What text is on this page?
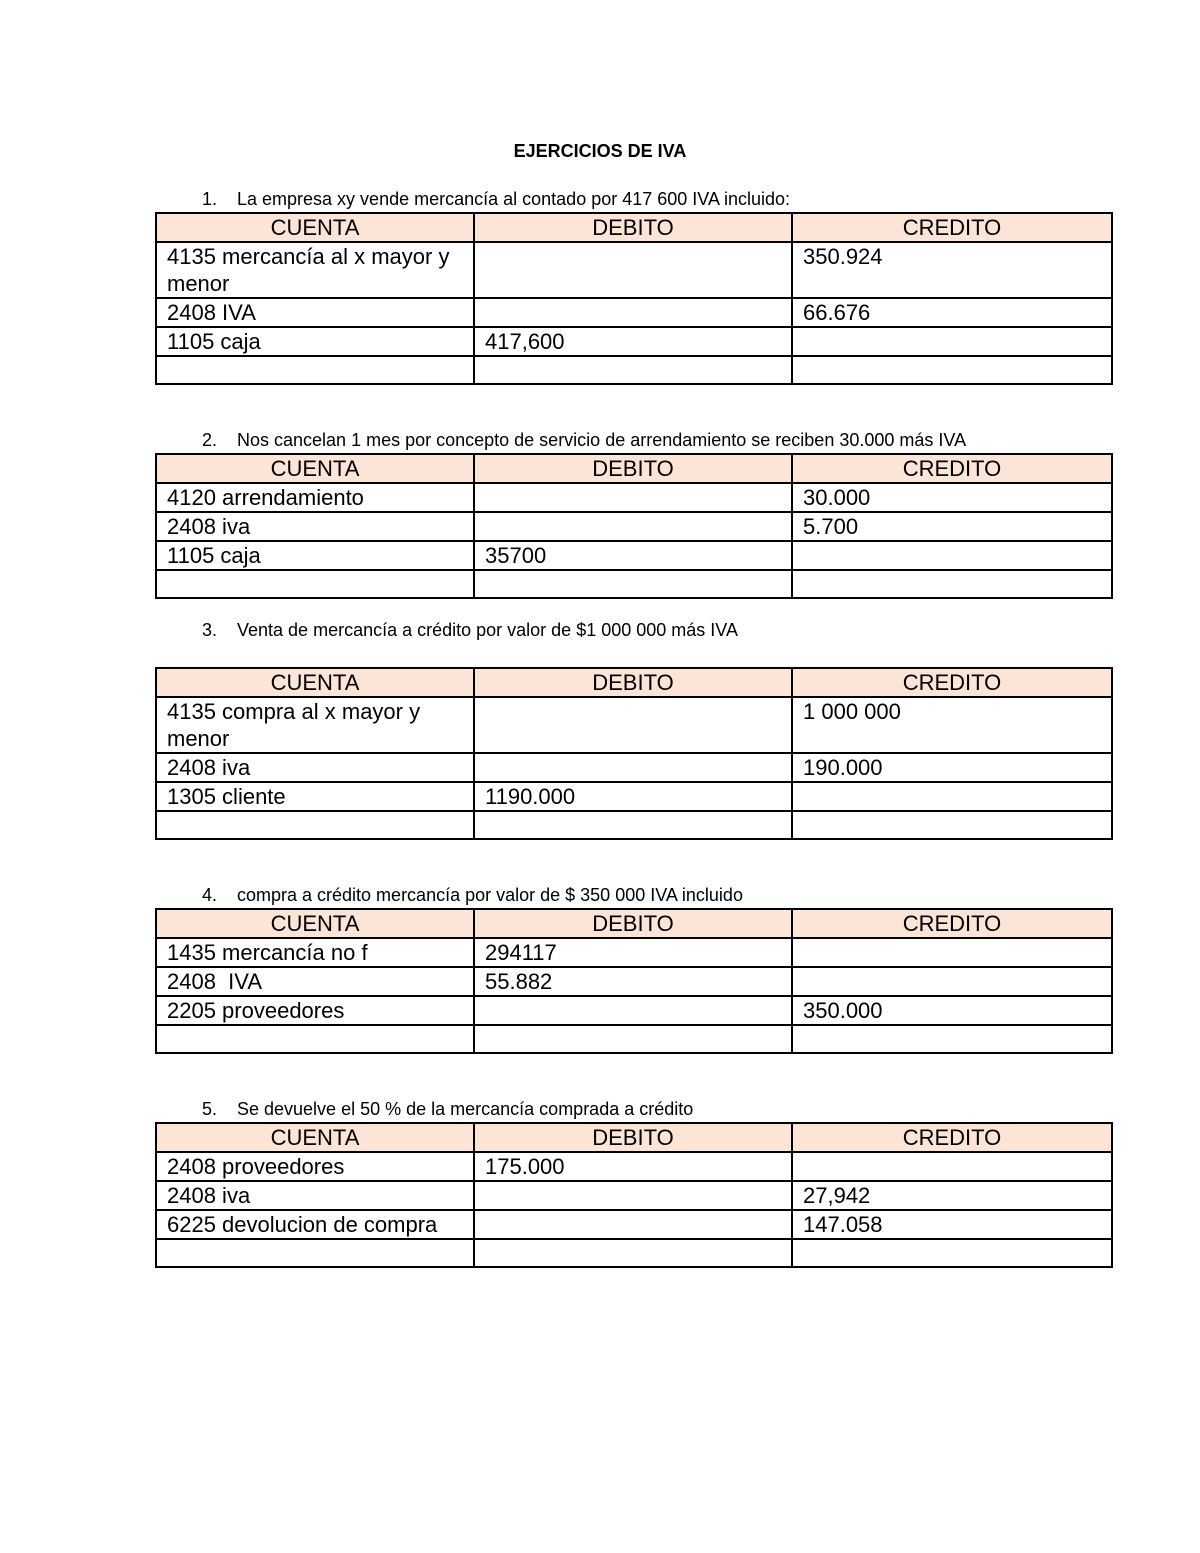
EJERCICIOS DE IVA
1. La empresa xy vende mercancía al contado por 417 600 IVA incluido:
CUENTA	DEBITO	CREDITO
4135 mercancía al x mayor y menor		350.924
2408 IVA		66.676
1105 caja	417,600	

2. Nos cancelan 1 mes por concepto de servicio de arrendamiento se reciben 30.000 más IVA
CUENTA	DEBITO	CREDITO
4120 arrendamiento		30.000
2408 iva		5.700
1105 caja	35700	

3. Venta de mercancía a crédito por valor de $1 000 000 más IVA
CUENTA	DEBITO	CREDITO
4135 compra al x mayor y menor		1 000 000
2408 iva		190.000
1305 cliente	1190.000	

4. compra a crédito mercancía por valor de $ 350 000 IVA incluido
CUENTA	DEBITO	CREDITO
1435 mercancía no f	294117	
2408  IVA	55.882	
2205 proveedores		350.000

5. Se devuelve el 50 % de la mercancía comprada a crédito
CUENTA	DEBITO	CREDITO
2408 proveedores	175.000	
2408 iva		27,942
6225 devolucion de compra		147.058
